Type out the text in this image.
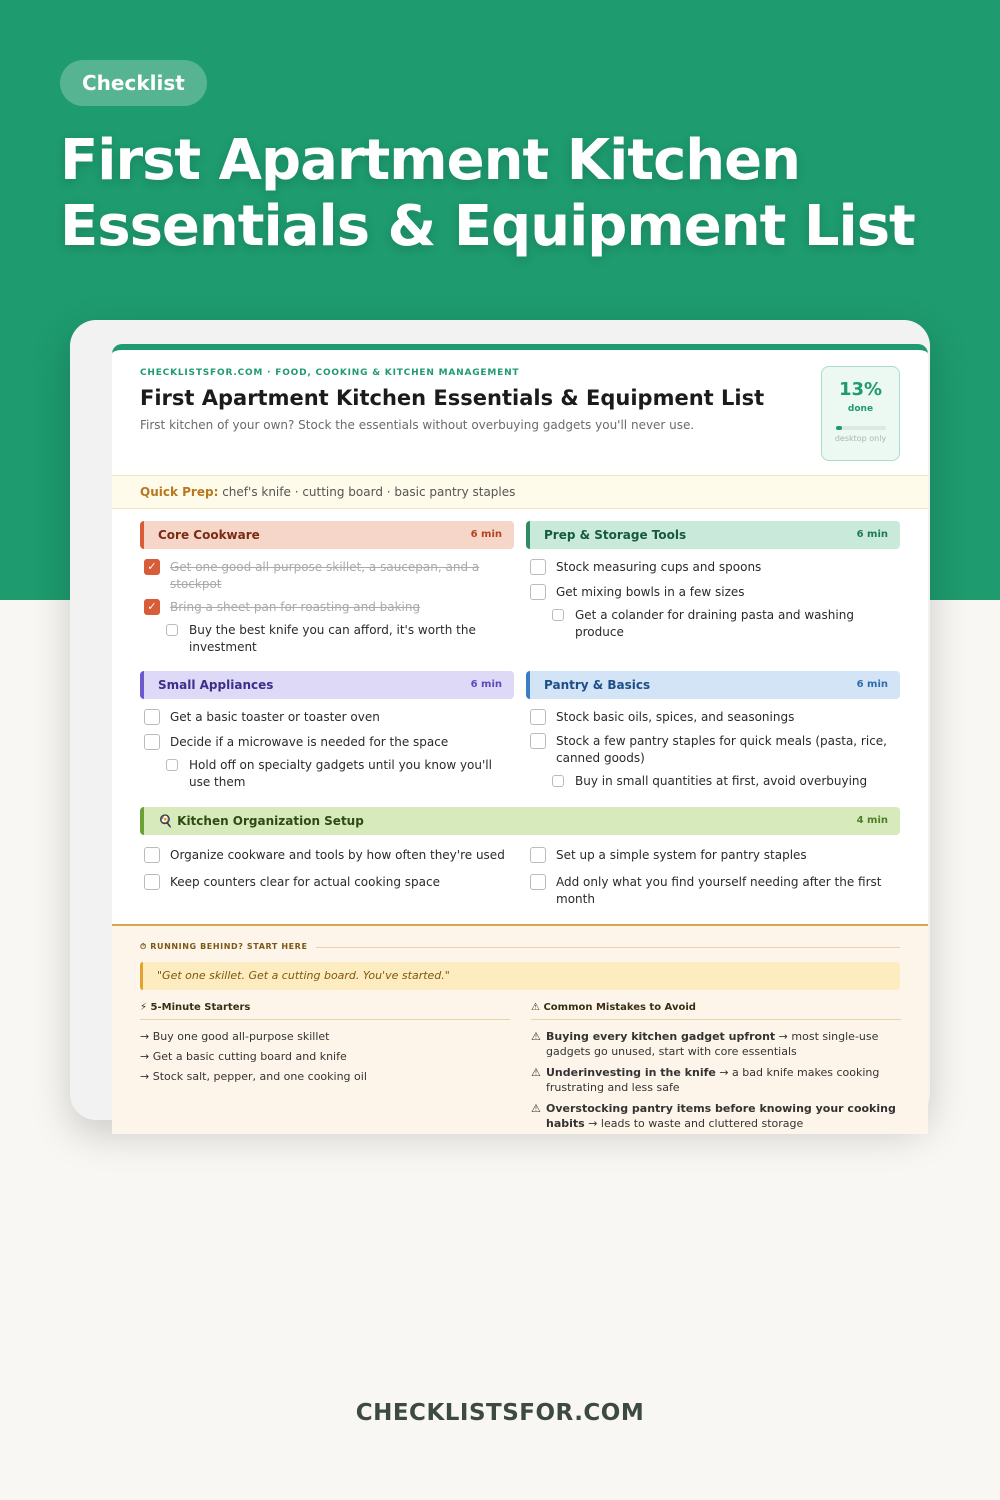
Checklist
First Apartment Kitchen Essentials & Equipment List
CHECKLISTSFOR.COM · FOOD, COOKING & KITCHEN MANAGEMENT
First Apartment Kitchen Essentials & Equipment List
First kitchen of your own? Stock the essentials without overbuying gadgets you'll never use.
13%
done
desktop only
Quick Prep: chef's knife · cutting board · basic pantry staples
Core Cookware	6 min
✓ Get one good all-purpose skillet, a saucepan, and a stockpot
✓ Bring a sheet pan for roasting and baking
Buy the best knife you can afford, it's worth the investment
Prep & Storage Tools	6 min
Stock measuring cups and spoons
Get mixing bowls in a few sizes
Get a colander for draining pasta and washing produce
Small Appliances	6 min
Get a basic toaster or toaster oven
Decide if a microwave is needed for the space
Hold off on specialty gadgets until you know you'll use them
Pantry & Basics	6 min
Stock basic oils, spices, and seasonings
Stock a few pantry staples for quick meals (pasta, rice, canned goods)
Buy in small quantities at first, avoid overbuying
🍳 Kitchen Organization Setup	4 min
Organize cookware and tools by how often they're used
Keep counters clear for actual cooking space
Set up a simple system for pantry staples
Add only what you find yourself needing after the first month
⏱ RUNNING BEHIND? START HERE
"Get one skillet. Get a cutting board. You've started."
⚡ 5-Minute Starters
→ Buy one good all-purpose skillet
→ Get a basic cutting board and knife
→ Stock salt, pepper, and one cooking oil
⚠ Common Mistakes to Avoid
⚠ Buying every kitchen gadget upfront → most single-use gadgets go unused, start with core essentials
⚠ Underinvesting in the knife → a bad knife makes cooking frustrating and less safe
⚠ Overstocking pantry items before knowing your cooking habits → leads to waste and cluttered storage
CHECKLISTSFOR.COM
